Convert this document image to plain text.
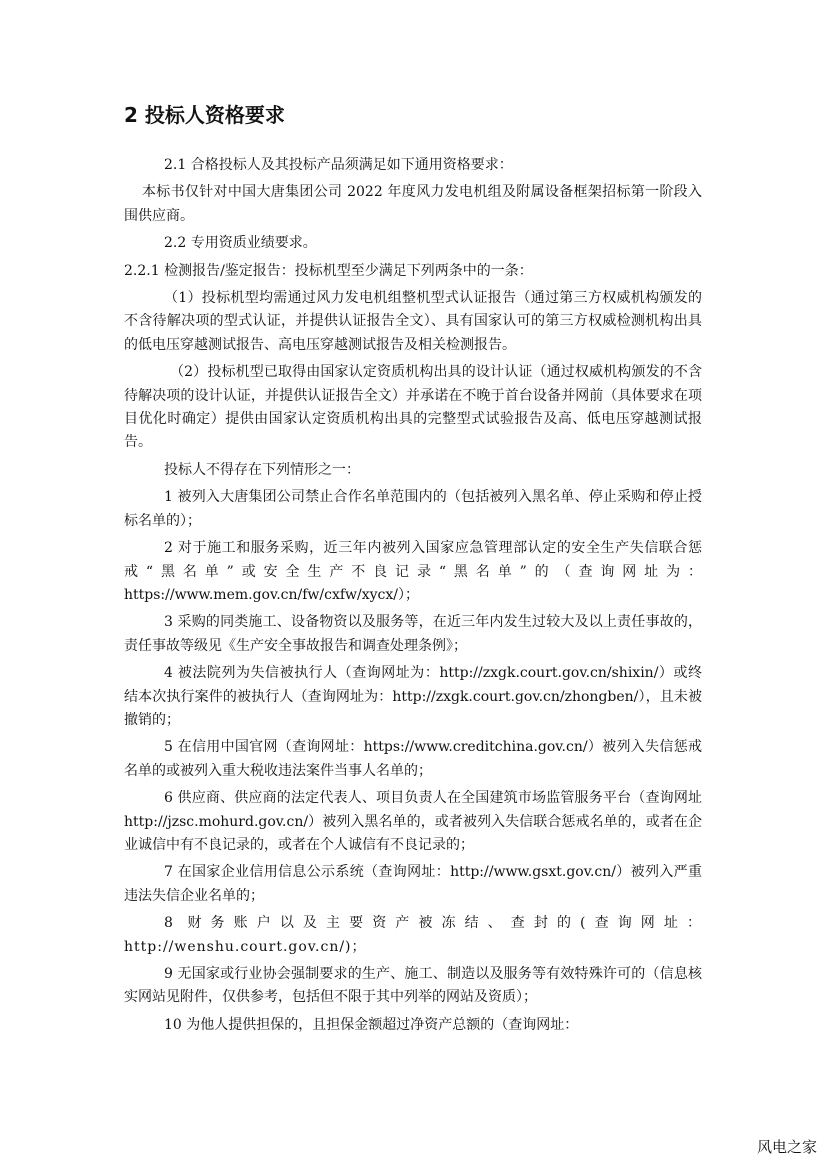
2 投标人资格要求

2.1 合格投标人及其投标产品须满足如下通用资格要求：

本标书仅针对中国大唐集团公司 2022 年度风力发电机组及附属设备框架招标第一阶段入围供应商。

2.2 专用资质业绩要求。

2.2.1 检测报告/鉴定报告：投标机型至少满足下列两条中的一条：

（1）投标机型均需通过风力发电机组整机型式认证报告（通过第三方权威机构颁发的不含待解决项的型式认证，并提供认证报告全文）、具有国家认可的第三方权威检测机构出具的低电压穿越测试报告、高电压穿越测试报告及相关检测报告。

（2）投标机型已取得由国家认定资质机构出具的设计认证（通过权威机构颁发的不含待解决项的设计认证，并提供认证报告全文）并承诺在不晚于首台设备并网前（具体要求在项目优化时确定）提供由国家认定资质机构出具的完整型式试验报告及高、低电压穿越测试报告。

投标人不得存在下列情形之一：

1 被列入大唐集团公司禁止合作名单范围内的（包括被列入黑名单、停止采购和停止授标名单的）；

2 对于施工和服务采购，近三年内被列入国家应急管理部认定的安全生产失信联合惩戒“黑名单”或安全生产不良记录“黑名单”的（查询网址为：https://www.mem.gov.cn/fw/cxfw/xycx/）；

3 采购的同类施工、设备物资以及服务等，在近三年内发生过较大及以上责任事故的，责任事故等级见《生产安全事故报告和调查处理条例》；

4 被法院列为失信被执行人（查询网址为：http://zxgk.court.gov.cn/shixin/）或终结本次执行案件的被执行人（查询网址为：http://zxgk.court.gov.cn/zhongben/），且未被撤销的；

5 在信用中国官网（查询网址：https://www.creditchina.gov.cn/）被列入失信惩戒名单的或被列入重大税收违法案件当事人名单的；

6 供应商、供应商的法定代表人、项目负责人在全国建筑市场监管服务平台（查询网址 http://jzsc.mohurd.gov.cn/）被列入黑名单的，或者被列入失信联合惩戒名单的，或者在企业诚信中有不良记录的，或者在个人诚信有不良记录的；

7 在国家企业信用信息公示系统（查询网址：http://www.gsxt.gov.cn/）被列入严重违法失信企业名单的；

8 财务账户以及主要资产被冻结、查封的(查询网址：http://wenshu.court.gov.cn/)；

9 无国家或行业协会强制要求的生产、施工、制造以及服务等有效特殊许可的（信息核实网站见附件，仅供参考，包括但不限于其中列举的网站及资质）；

10 为他人提供担保的，且担保金额超过净资产总额的（查询网址：

风电之家
